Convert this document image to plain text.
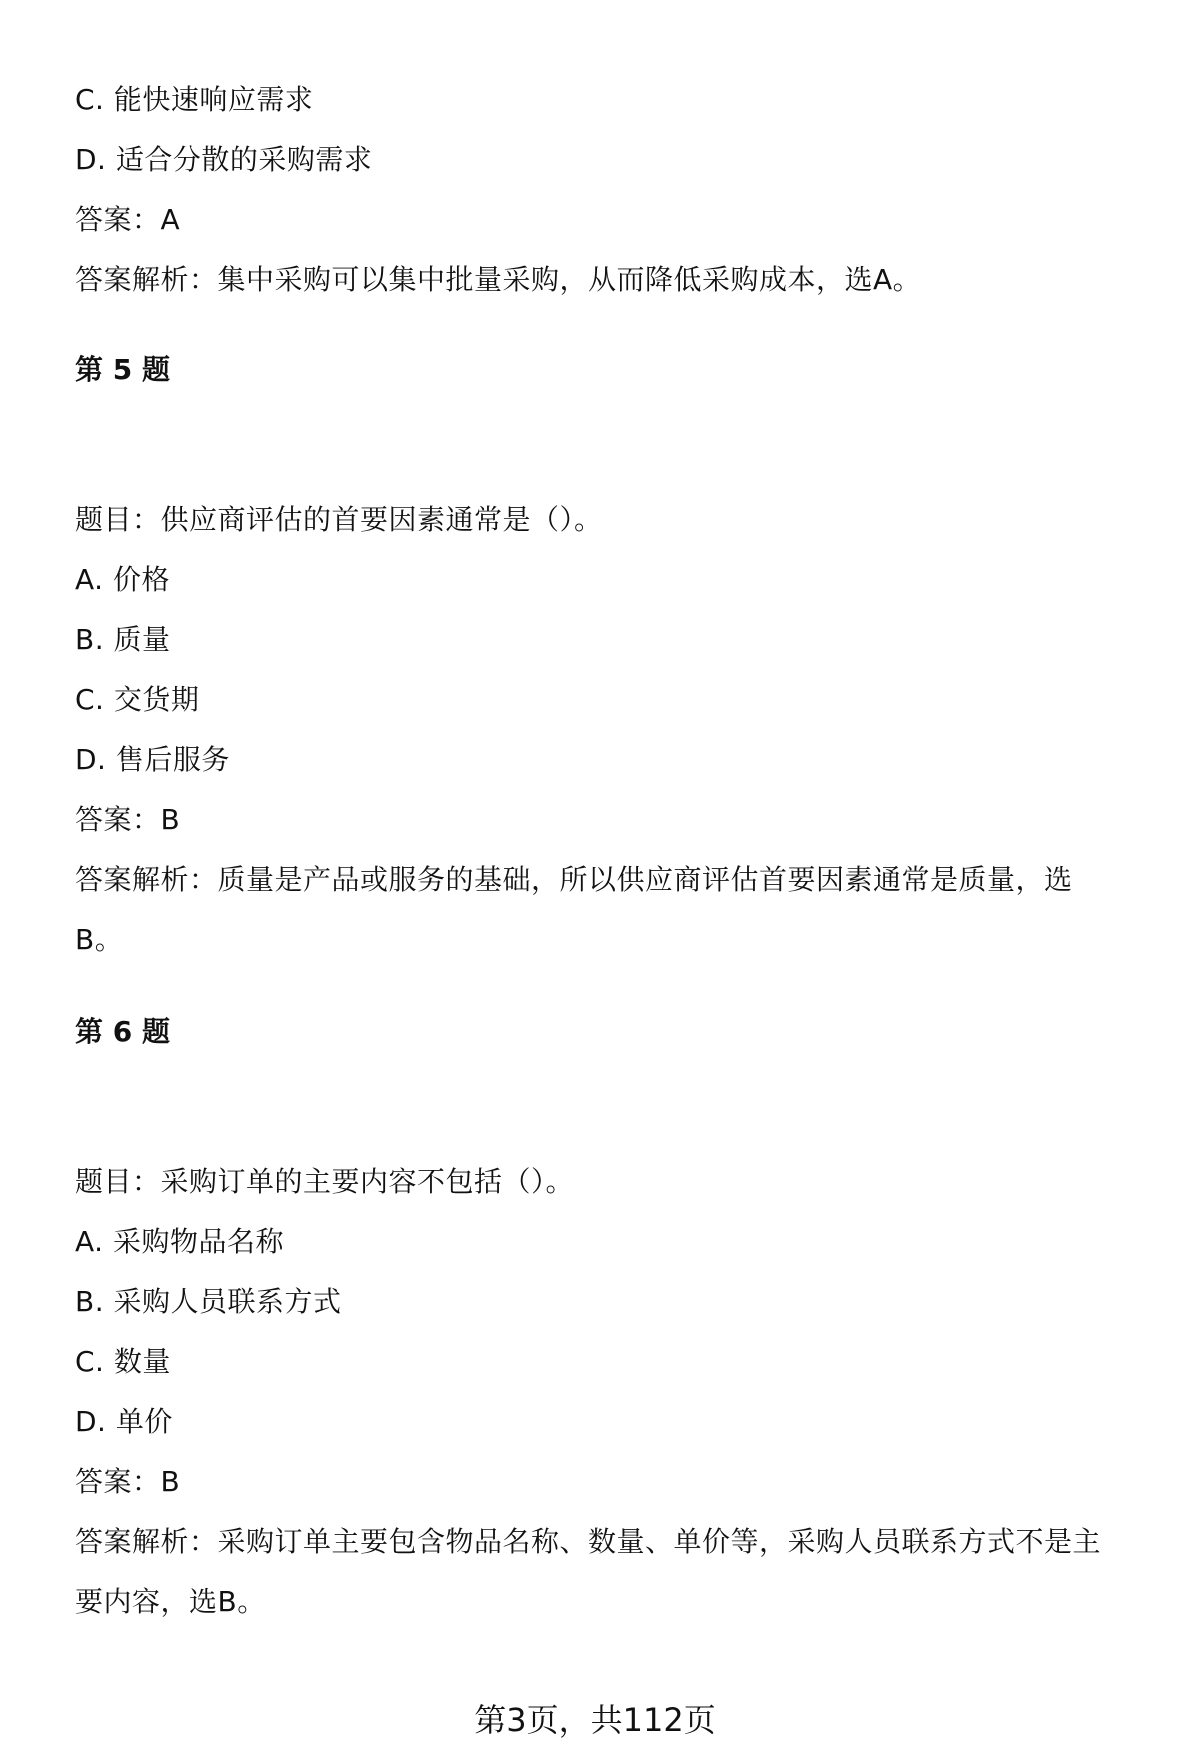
C. 能快速响应需求
D. 适合分散的采购需求
答案：A
答案解析：集中采购可以集中批量采购，从而降低采购成本，选A。
第 5 题
题目：供应商评估的首要因素通常是（）。
A. 价格
B. 质量
C. 交货期
D. 售后服务
答案：B
答案解析：质量是产品或服务的基础，所以供应商评估首要因素通常是质量，选
B。
第 6 题
题目：采购订单的主要内容不包括（）。
A. 采购物品名称
B. 采购人员联系方式
C. 数量
D. 单价
答案：B
答案解析：采购订单主要包含物品名称、数量、单价等，采购人员联系方式不是主
要内容，选B。
第3页，共112页
